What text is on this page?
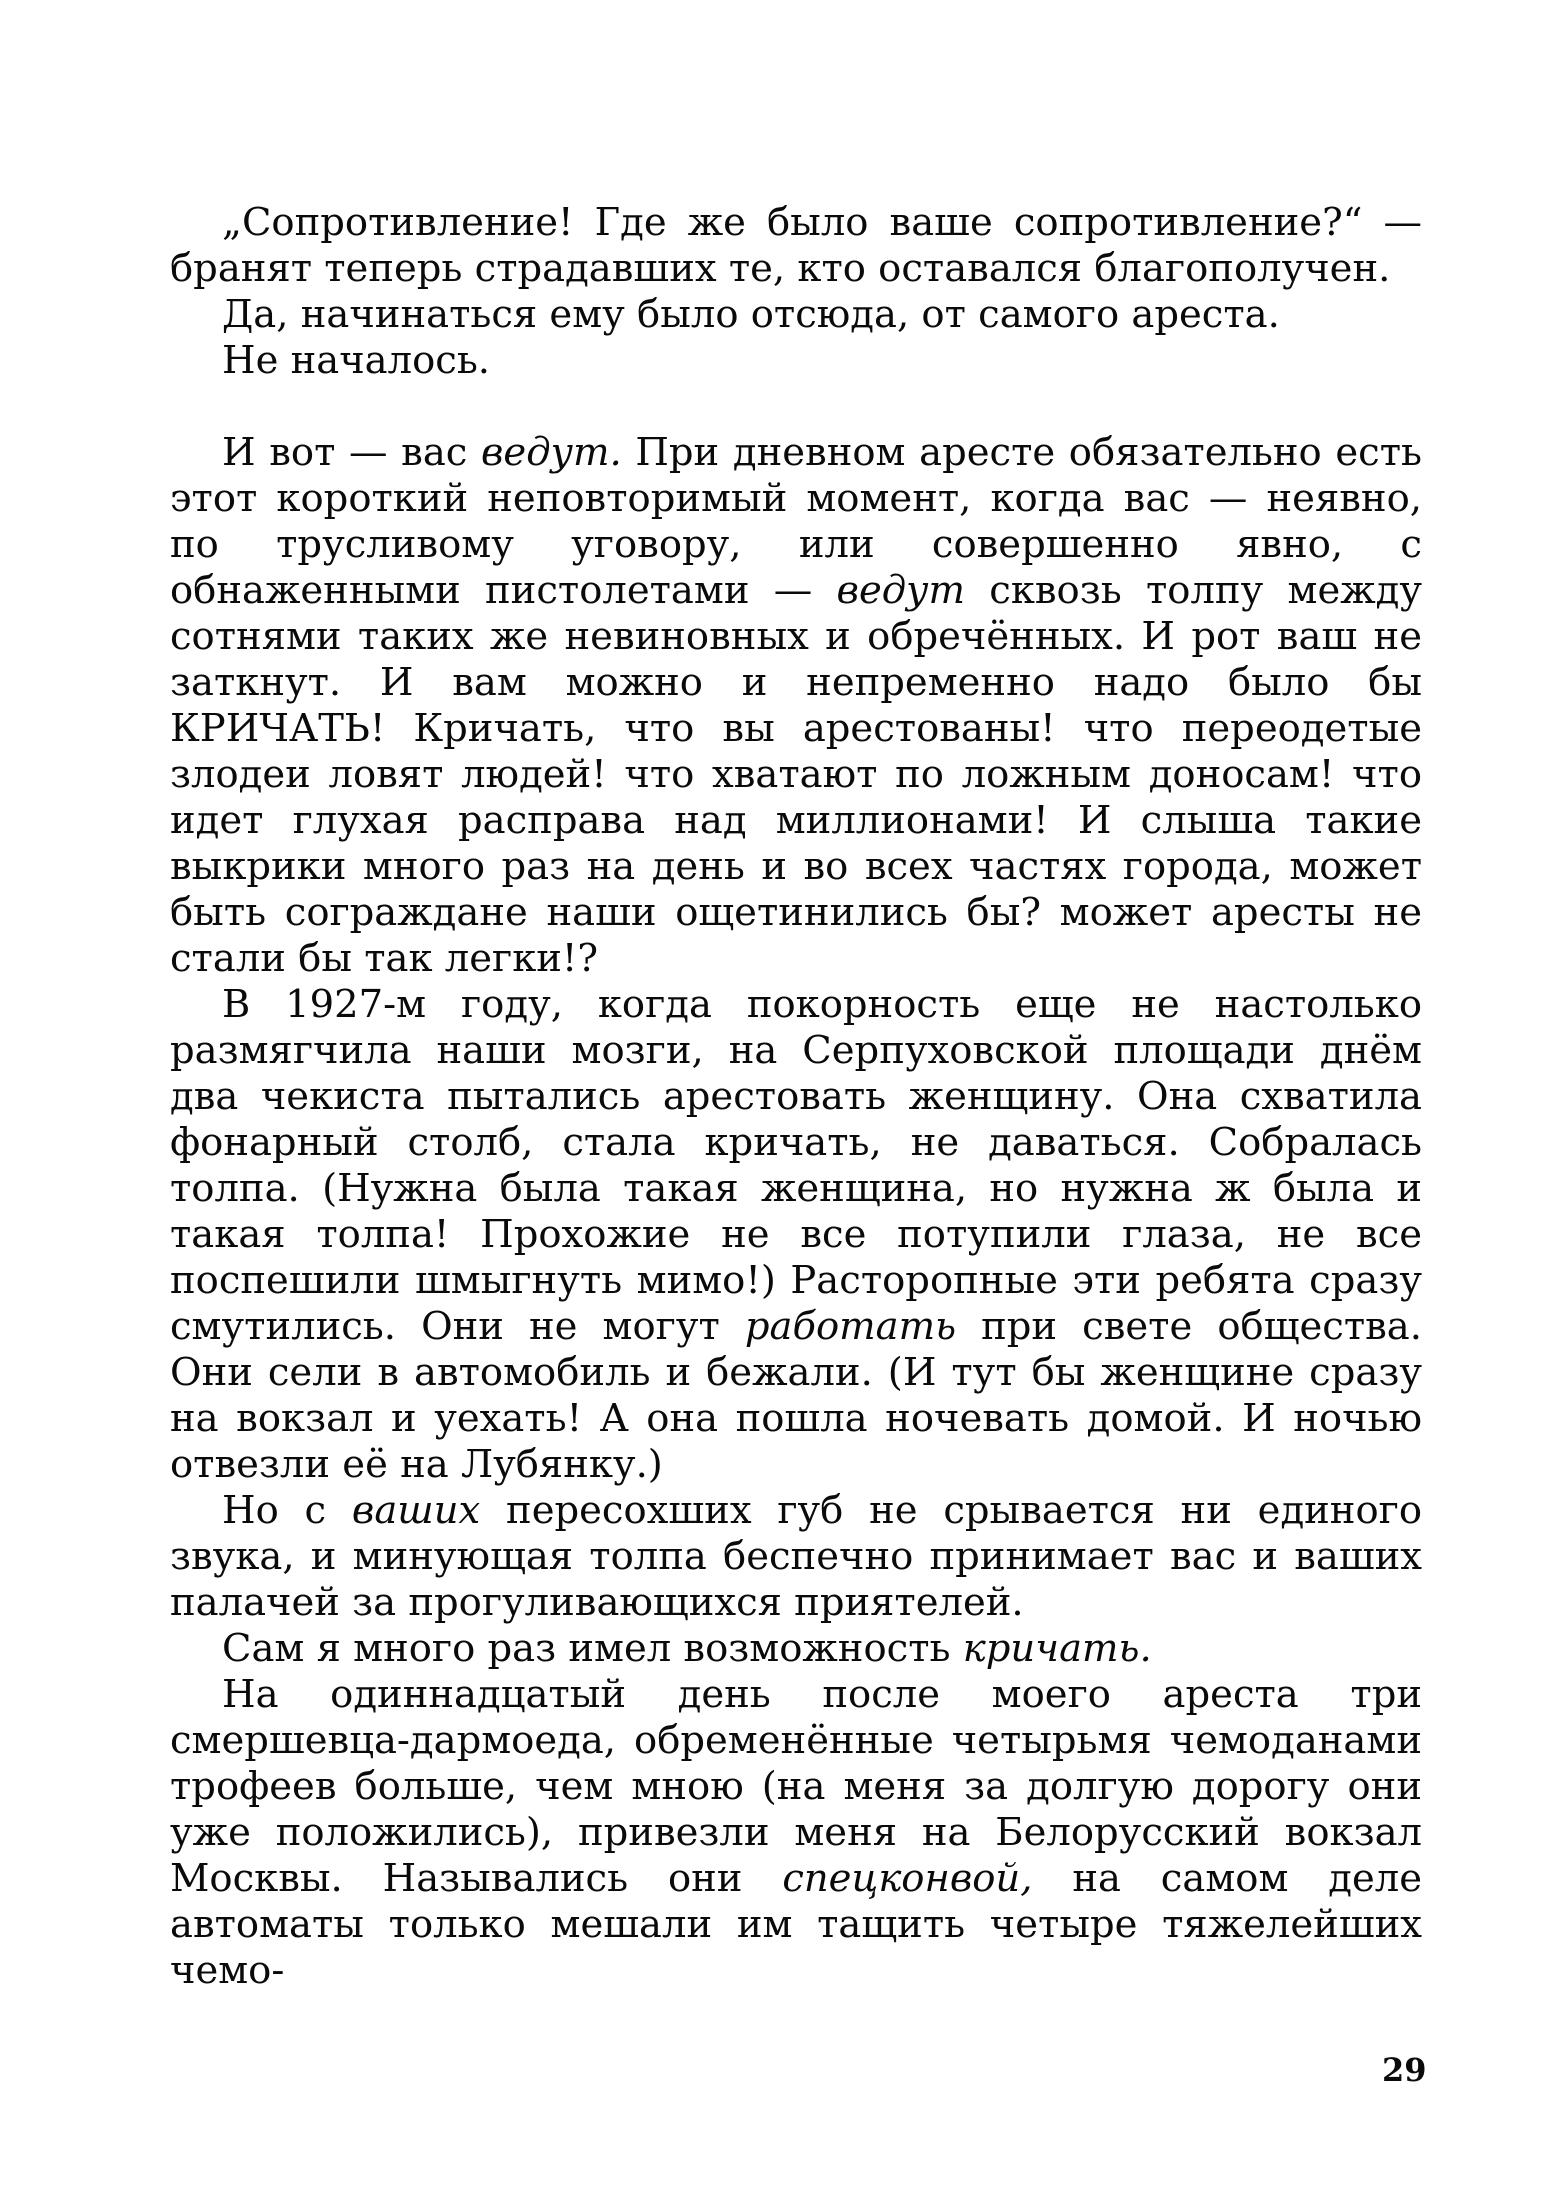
„Сопротивление! Где же было ваше сопротивление?“ — бранят теперь страдавших те, кто оставался благополучен.

Да, начинаться ему было отсюда, от самого ареста.

Не началось.

И вот — вас ведут. При дневном аресте обязательно есть этот короткий неповторимый момент, когда вас — неявно, по трусливому уговору, или совершенно явно, с обнаженными пистолетами — ведут сквозь толпу между сотнями таких же невиновных и обречённых. И рот ваш не заткнут. И вам можно и непременно надо было бы КРИЧАТЬ! Кричать, что вы арестованы! что переодетые злодеи ловят людей! что хватают по ложным доносам! что идет глухая расправа над миллионами! И слыша такие выкрики много раз на день и во всех частях города, может быть сограждане наши ощетинились бы? может аресты не стали бы так легки!?

В 1927-м году, когда покорность еще не настолько размягчила наши мозги, на Серпуховской площади днём два чекиста пытались арестовать женщину. Она схватила фонарный столб, стала кричать, не даваться. Собралась толпа. (Нужна была такая женщина, но нужна ж была и такая толпа! Прохожие не все потупили глаза, не все поспешили шмыгнуть мимо!) Расторопные эти ребята сразу смутились. Они не могут работать при свете общества. Они сели в автомобиль и бежали. (И тут бы женщине сразу на вокзал и уехать! А она пошла ночевать домой. И ночью отвезли её на Лубянку.)

Но с ваших пересохших губ не срывается ни единого звука, и минующая толпа беспечно принимает вас и ваших палачей за прогуливающихся приятелей.

Сам я много раз имел возможность кричать.

На одиннадцатый день после моего ареста три смершевца-дармоеда, обременённые четырьмя чемоданами трофеев больше, чем мною (на меня за долгую дорогу они уже положились), привезли меня на Белорусский вокзал Москвы. Назывались они спецконвой, на самом деле автоматы только мешали им тащить четыре тяжелейших чемо-

29
